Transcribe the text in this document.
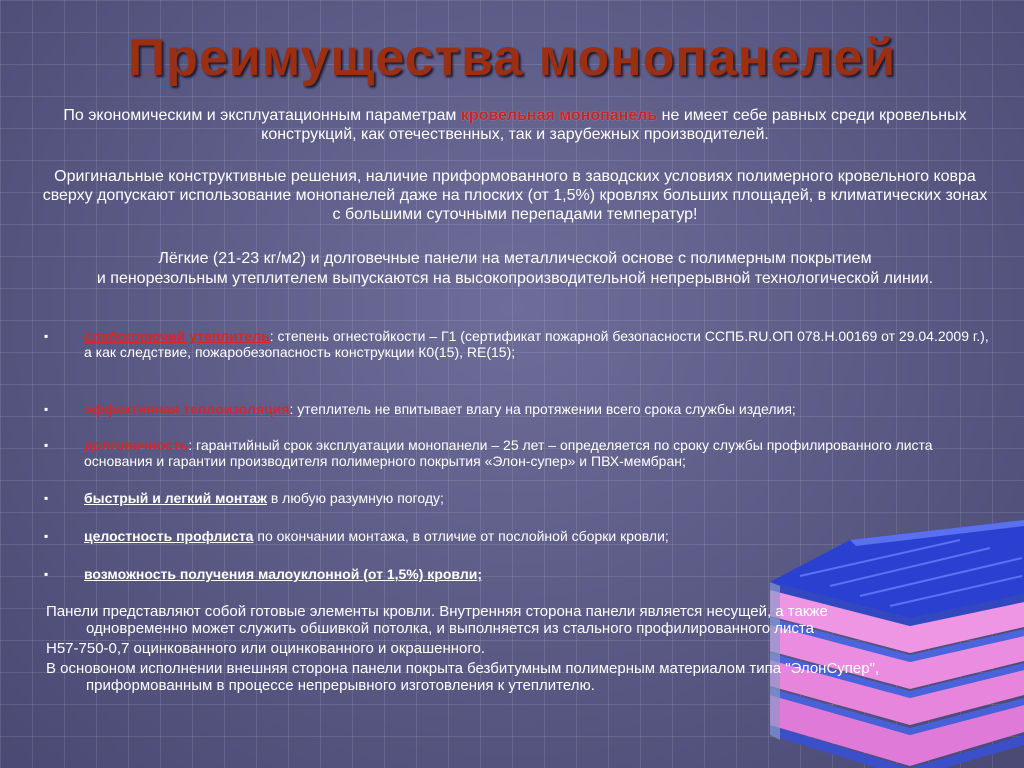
Преимущества монопанелей
По экономическим и эксплуатационным параметрам кровельная монопанель не имеет себе равных среди кровельных конструкций, как отечественных, так и зарубежных производителей.
Оригинальные конструктивные решения, наличие приформованного в заводских условиях полимерного кровельного ковра сверху допускают использование монопанелей даже на плоских (от 1,5%) кровлях больших площадей, в климатических зонах с большими суточными перепадами температур!
Лёгкие (21-23 кг/м2) и долговечные панели на металлической основе с полимерным покрытием
и пенорезольным утеплителем выпускаются на высокопроизводительной непрерывной технологической линии.
▪	слабогорючий утеплитель: степень огнестойкости – Г1 (сертификат пожарной безопасности ССПБ.RU.ОП 078.Н.00169 от 29.04.2009 г.), а как следствие, пожаробезопасность конструкции К0(15), RE(15);
▪	эффективная теплоизоляция: утеплитель не впитывает влагу на протяжении всего срока службы изделия;
▪	долговечность: гарантийный срок эксплуатации монопанели – 25 лет – определяется по сроку службы профилированного листа основания и гарантии производителя полимерного покрытия «Элон-супер» и ПВХ-мембран;
▪	быстрый и легкий монтаж в любую разумную погоду;
▪	целостность профлиста по окончании монтажа, в отличие от послойной сборки кровли;
▪	возможность получения малоуклонной (от 1,5%) кровли;
Панели представляют собой готовые элементы кровли. Внутренняя сторона панели является несущей, а также
одновременно может служить обшивкой потолка, и выполняется из стального профилированного листа
Н57-750-0,7 оцинкованного или оцинкованного и окрашенного.
В основоном исполнении внешняя сторона панели покрыта безбитумным полимерным материалом типа "ЭлонСупер",
приформованным в процессе непрерывного изготовления к утеплителю.
